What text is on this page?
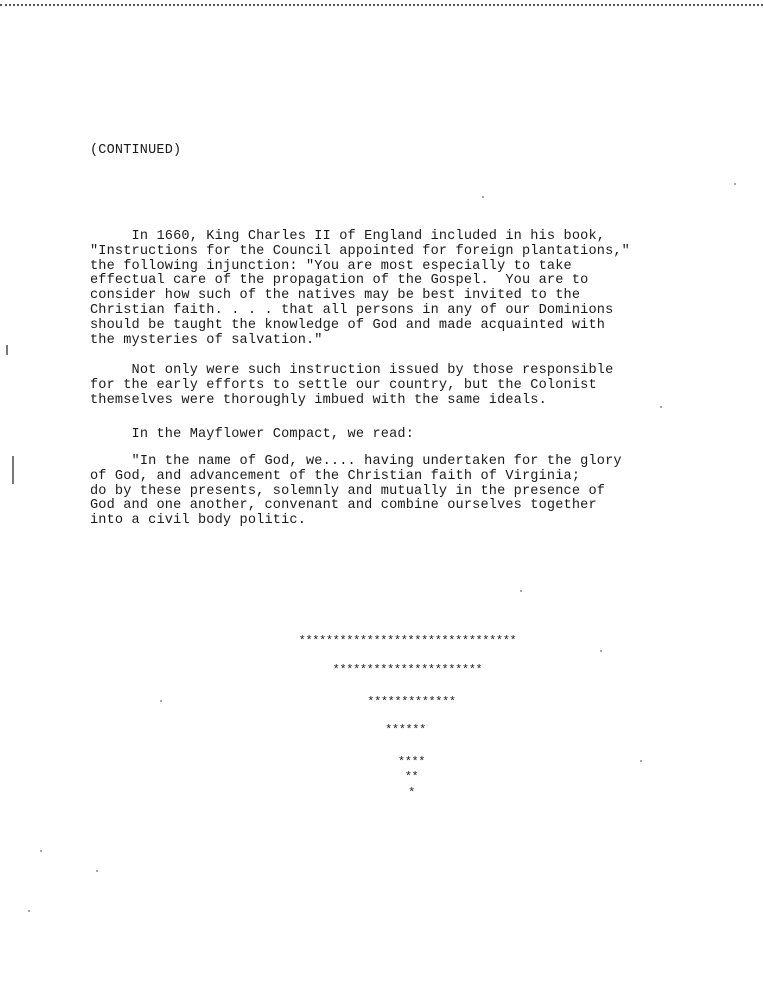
(CONTINUED)
In 1660, King Charles II of England included in his book,
"Instructions for the Council appointed for foreign plantations,"
the following injunction: "You are most especially to take
effectual care of the propagation of the Gospel.  You are to
consider how such of the natives may be best invited to the
Christian faith. . . . that all persons in any of our Dominions
should be taught the knowledge of God and made acquainted with
the mysteries of salvation."
Not only were such instruction issued by those responsible
for the early efforts to settle our country, but the Colonist
themselves were thoroughly imbued with the same ideals.
In the Mayflower Compact, we read:
"In the name of God, we.... having undertaken for the glory
of God, and advancement of the Christian faith of Virginia;
do by these presents, solemnly and mutually in the presence of
God and one another, convenant and combine ourselves together
into a civil body politic.
********************************
**********************
*************
******
****
**
*
